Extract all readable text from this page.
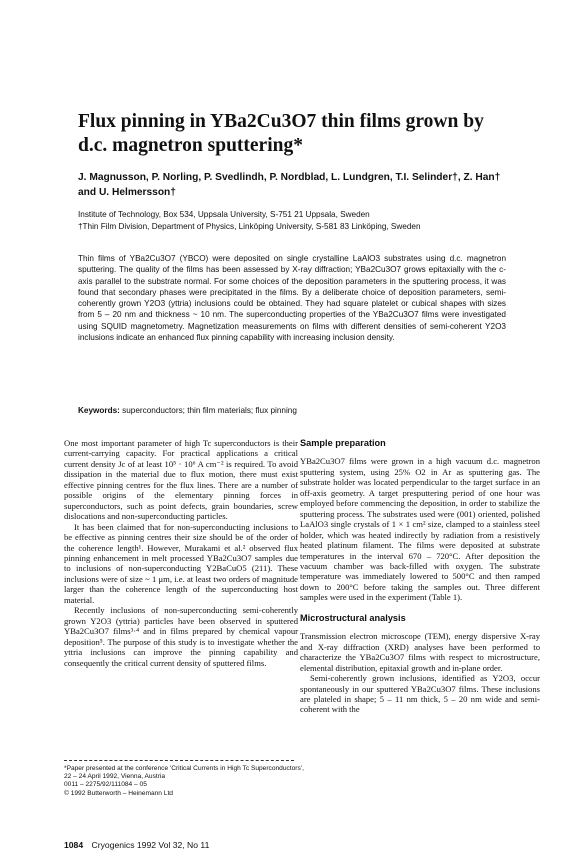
Flux pinning in YBa2Cu3O7 thin films grown by d.c. magnetron sputtering*
J. Magnusson, P. Norling, P. Svedlindh, P. Nordblad, L. Lundgren, T.I. Selinder†, Z. Han† and U. Helmersson†
Institute of Technology, Box 534, Uppsala University, S-751 21 Uppsala, Sweden
†Thin Film Division, Department of Physics, Linköping University, S-581 83 Linköping, Sweden
Thin films of YBa2Cu3O7 (YBCO) were deposited on single crystalline LaAlO3 substrates using d.c. magnetron sputtering. The quality of the films has been assessed by X-ray diffraction; YBa2Cu3O7 grows epitaxially with the c-axis parallel to the substrate normal. For some choices of the deposition parameters in the sputtering process, it was found that secondary phases were precipitated in the films. By a deliberate choice of deposition parameters, semi-coherently grown Y2O3 (yttria) inclusions could be obtained. They had square platelet or cubical shapes with sizes from 5 – 20 nm and thickness ~ 10 nm. The superconducting properties of the YBa2Cu3O7 films were investigated using SQUID magnetometry. Magnetization measurements on films with different densities of semi-coherent Y2O3 inclusions indicate an enhanced flux pinning capability with increasing inclusion density.
Keywords: superconductors; thin film materials; flux pinning

One most important parameter of high Tc superconductors is their current-carrying capacity. For practical applications a critical current density Jc of at least 10⁵ · 10⁶ A cm⁻² is required. To avoid dissipation in the material due to flux motion, there must exist effective pinning centres for the flux lines. There are a number of possible origins of the elementary pinning forces in superconductors, such as point defects, grain boundaries, screw dislocations and non-superconducting particles.

It has been claimed that for non-superconducting inclusions to be effective as pinning centres their size should be of the order of the coherence length¹. However, Murakami et al.² observed flux pinning enhancement in melt processed YBa2Cu3O7 samples due to inclusions of non-superconducting Y2BaCuO5 (211). These inclusions were of size ~ 1 μm, i.e. at least two orders of magnitude larger than the coherence length of the superconducting host material.

Recently inclusions of non-superconducting semi-coherently grown Y2O3 (yttria) particles have been observed in sputtered YBa2Cu3O7 films³·⁴ and in films prepared by chemical vapour deposition⁵. The purpose of this study is to investigate whether the yttria inclusions can improve the pinning capability and consequently the critical current density of sputtered films.

Sample preparation

YBa2Cu3O7 films were grown in a high vacuum d.c. magnetron sputtering system, using 25% O2 in Ar as sputtering gas. The substrate holder was located perpendicular to the target surface in an off-axis geometry. A target presputtering period of one hour was employed before commencing the deposition, in order to stabilize the sputtering process. The substrates used were (001) oriented, polished LaAlO3 single crystals of 1 × 1 cm² size, clamped to a stainless steel holder, which was heated indirectly by radiation from a resistively heated platinum filament. The films were deposited at substrate temperatures in the interval 670 – 720°C. After deposition the vacuum chamber was back-filled with oxygen. The substrate temperature was immediately lowered to 500°C and then ramped down to 200°C before taking the samples out. Three different samples were used in the experiment (Table 1).

Microstructural analysis

Transmission electron microscope (TEM), energy dispersive X-ray and X-ray diffraction (XRD) analyses have been performed to characterize the YBa2Cu3O7 films with respect to microstructure, elemental distribution, epitaxial growth and in-plane order.

Semi-coherently grown inclusions, identified as Y2O3, occur spontaneously in our sputtered YBa2Cu3O7 films. These inclusions are plateled in shape; 5 – 11 nm thick, 5 – 20 nm wide and semi-coherent with the

*Paper presented at the conference 'Critical Currents in High Tc Superconductors', 22 – 24 April 1992, Vienna, Austria
0011 – 2275/92/111084 – 05
© 1992 Butterworth – Heinemann Ltd
1084 Cryogenics 1992 Vol 32, No 11
